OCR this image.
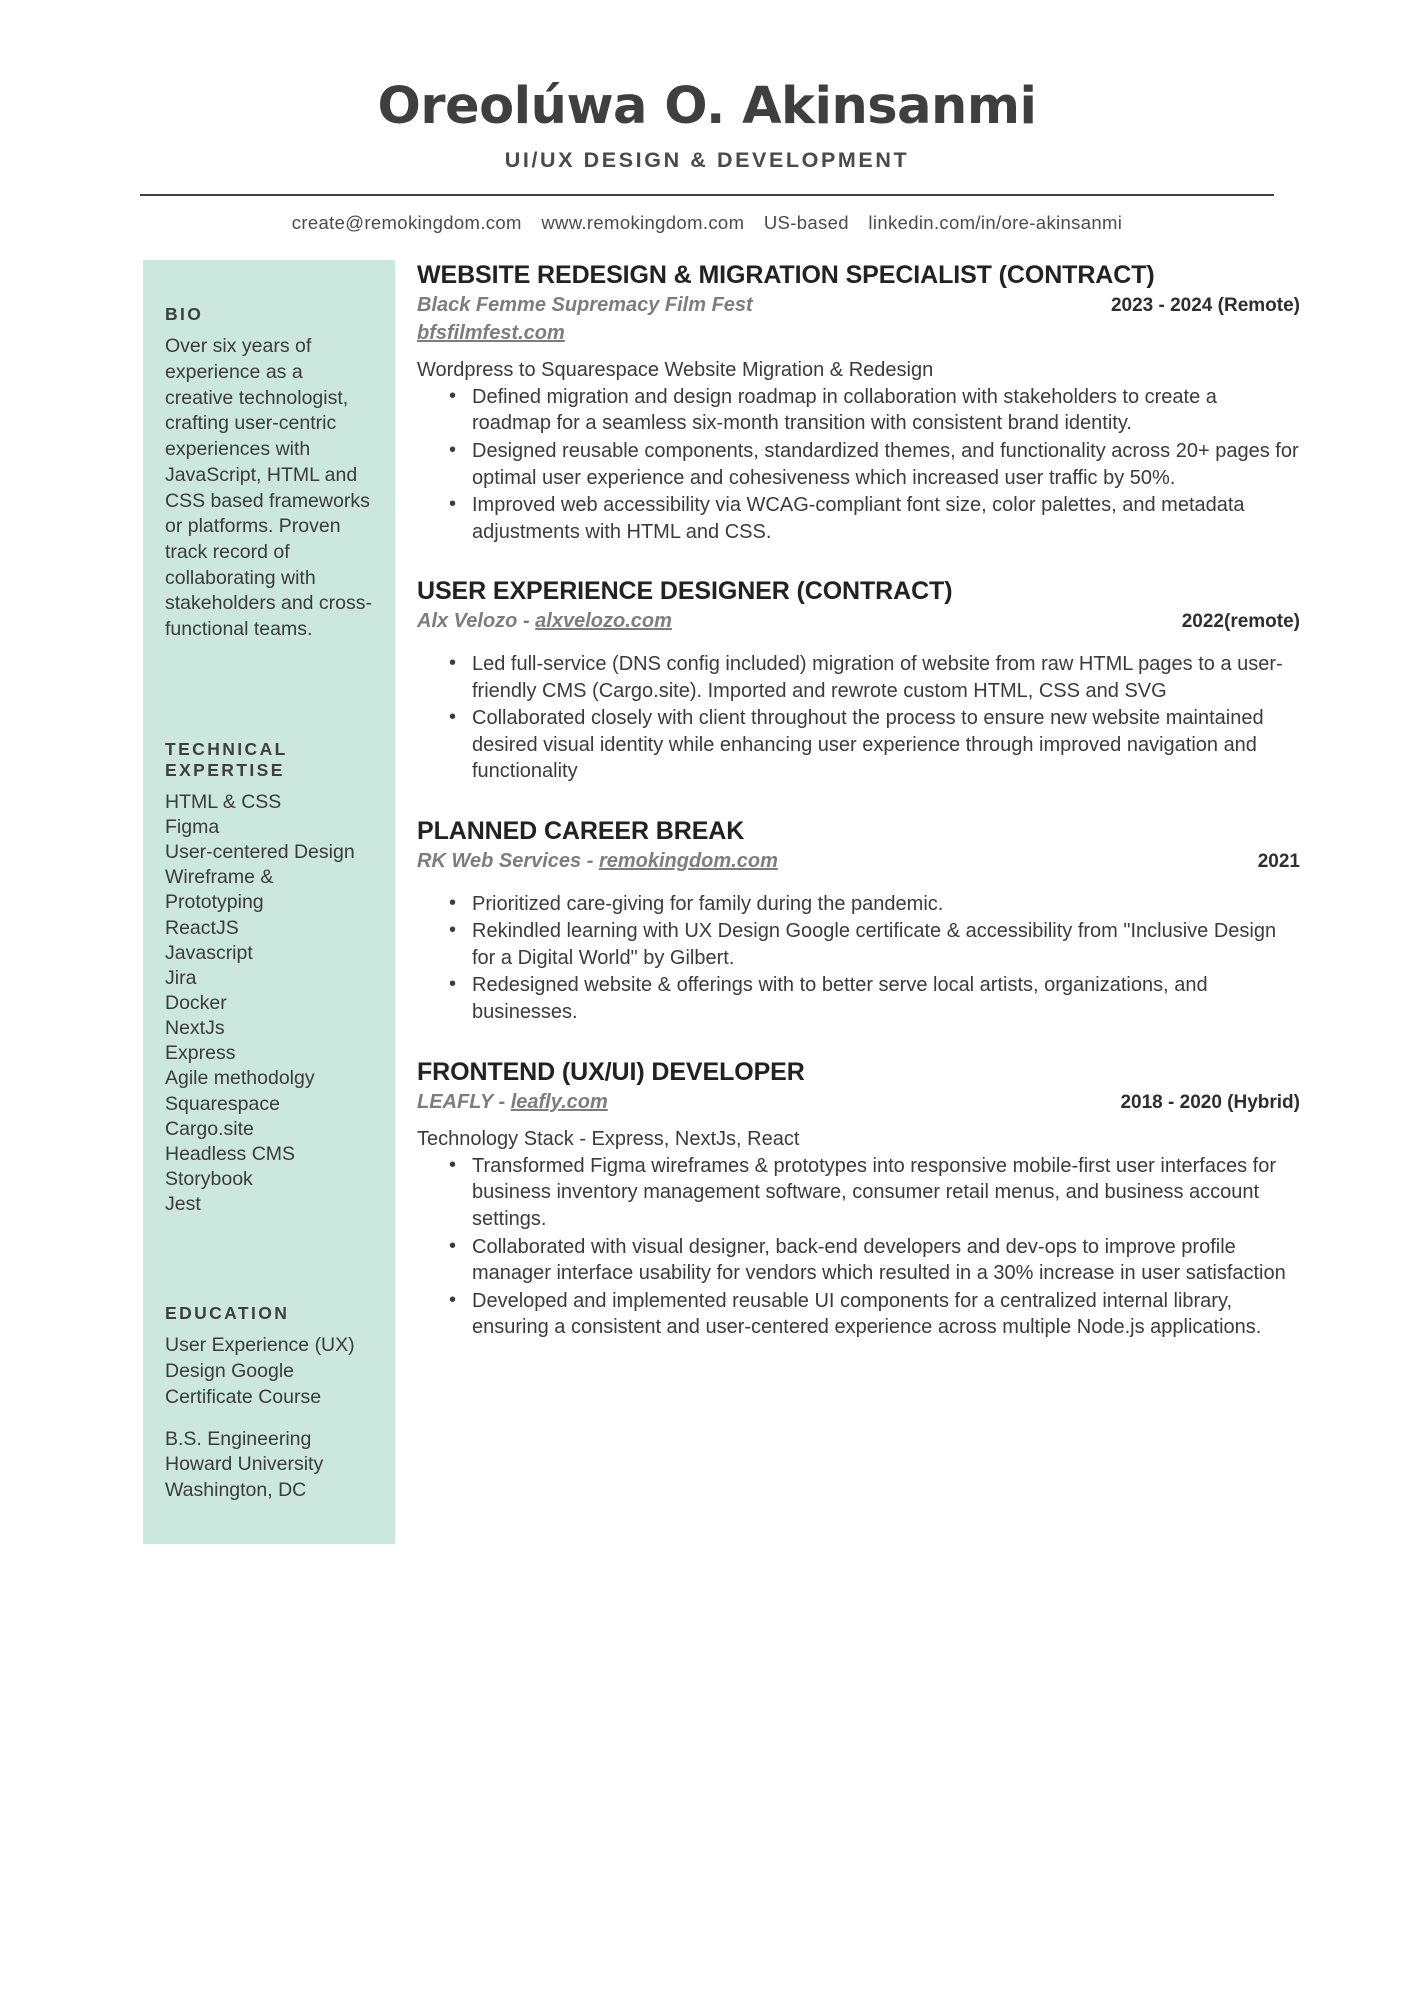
Oreolúwa O. Akinsanmi
UI/UX DESIGN & DEVELOPMENT
create@remokingdom.com www.remokingdom.com US-based linkedin.com/in/ore-akinsanmi
BIO
Over six years of experience as a creative technologist, crafting user-centric experiences with JavaScript, HTML and CSS based frameworks or platforms. Proven track record of collaborating with stakeholders and cross-functional teams.
TECHNICAL EXPERTISE
HTML & CSS
Figma
User-centered Design
Wireframe & Prototyping
ReactJS
Javascript
Jira
Docker
NextJs
Express
Agile methodolgy
Squarespace
Cargo.site
Headless CMS
Storybook
Jest
EDUCATION
User Experience (UX) Design Google Certificate Course
B.S. Engineering Howard University Washington, DC
WEBSITE REDESIGN & MIGRATION SPECIALIST (CONTRACT)
Black Femme Supremacy Film Fest	2023 - 2024 (Remote)
bfsfilmfest.com
Wordpress to Squarespace Website Migration & Redesign
• Defined migration and design roadmap in collaboration with stakeholders to create a roadmap for a seamless six-month transition with consistent brand identity.
• Designed reusable components, standardized themes, and functionality across 20+ pages for optimal user experience and cohesiveness which increased user traffic by 50%.
• Improved web accessibility via WCAG-compliant font size, color palettes, and metadata adjustments with HTML and CSS.
USER EXPERIENCE DESIGNER (CONTRACT)
Alx Velozo - alxvelozo.com	2022(remote)
• Led full-service (DNS config included) migration of website from raw HTML pages to a user-friendly CMS (Cargo.site). Imported and rewrote custom HTML, CSS and SVG
• Collaborated closely with client throughout the process to ensure new website maintained desired visual identity while enhancing user experience through improved navigation and functionality
PLANNED CAREER BREAK
RK Web Services - remokingdom.com	2021
• Prioritized care-giving for family during the pandemic.
• Rekindled learning with UX Design Google certificate & accessibility from "Inclusive Design for a Digital World" by Gilbert.
• Redesigned website & offerings with to better serve local artists, organizations, and businesses.
FRONTEND (UX/UI) DEVELOPER
LEAFLY - leafly.com	2018 - 2020 (Hybrid)
Technology Stack - Express, NextJs, React
• Transformed Figma wireframes & prototypes into responsive mobile-first user interfaces for business inventory management software, consumer retail menus, and business account settings.
• Collaborated with visual designer, back-end developers and dev-ops to improve profile manager interface usability for vendors which resulted in a 30% increase in user satisfaction
• Developed and implemented reusable UI components for a centralized internal library, ensuring a consistent and user-centered experience across multiple Node.js applications.
